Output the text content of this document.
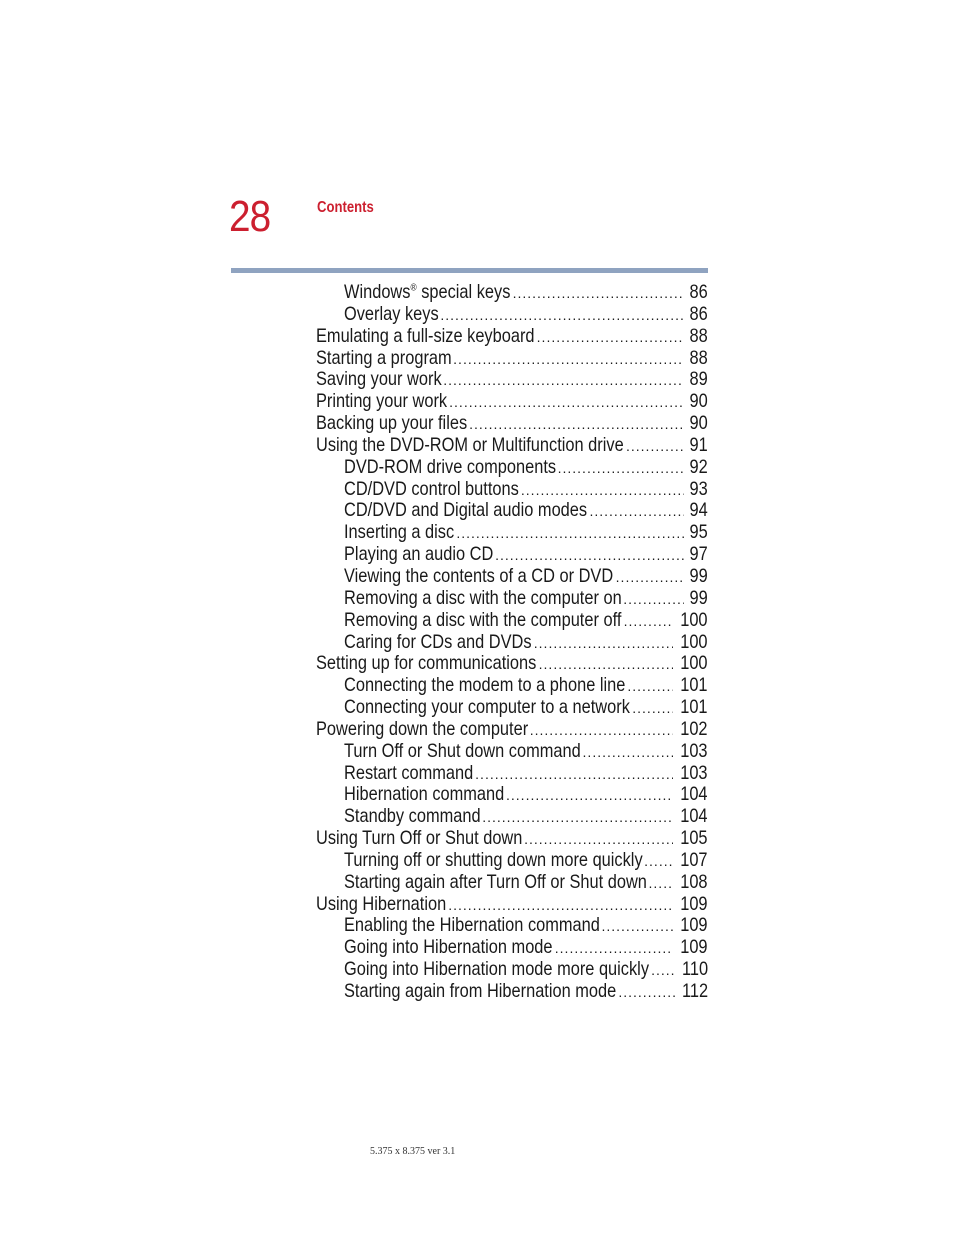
28	Contents
Windows® special keys .....	86
Overlay keys .....	86
Emulating a full-size keyboard .....	88
Starting a program .....	88
Saving your work .....	89
Printing your work .....	90
Backing up your files .....	90
Using the DVD-ROM or Multifunction drive .....	91
DVD-ROM drive components .....	92
CD/DVD control buttons .....	93
CD/DVD and Digital audio modes .....	94
Inserting a disc .....	95
Playing an audio CD .....	97
Viewing the contents of a CD or DVD .....	99
Removing a disc with the computer on .....	99
Removing a disc with the computer off .....	100
Caring for CDs and DVDs .....	100
Setting up for communications .....	100
Connecting the modem to a phone line .....	101
Connecting your computer to a network .....	101
Powering down the computer .....	102
Turn Off or Shut down command .....	103
Restart command .....	103
Hibernation command .....	104
Standby command .....	104
Using Turn Off or Shut down .....	105
Turning off or shutting down more quickly ..... 107
Starting again after Turn Off or Shut down ..... 108
Using Hibernation .....	109
Enabling the Hibernation command .....	109
Going into Hibernation mode .....	109
Going into Hibernation mode more quickly ..... 110
Starting again from Hibernation mode .....	112
5.375 x 8.375 ver 3.1
